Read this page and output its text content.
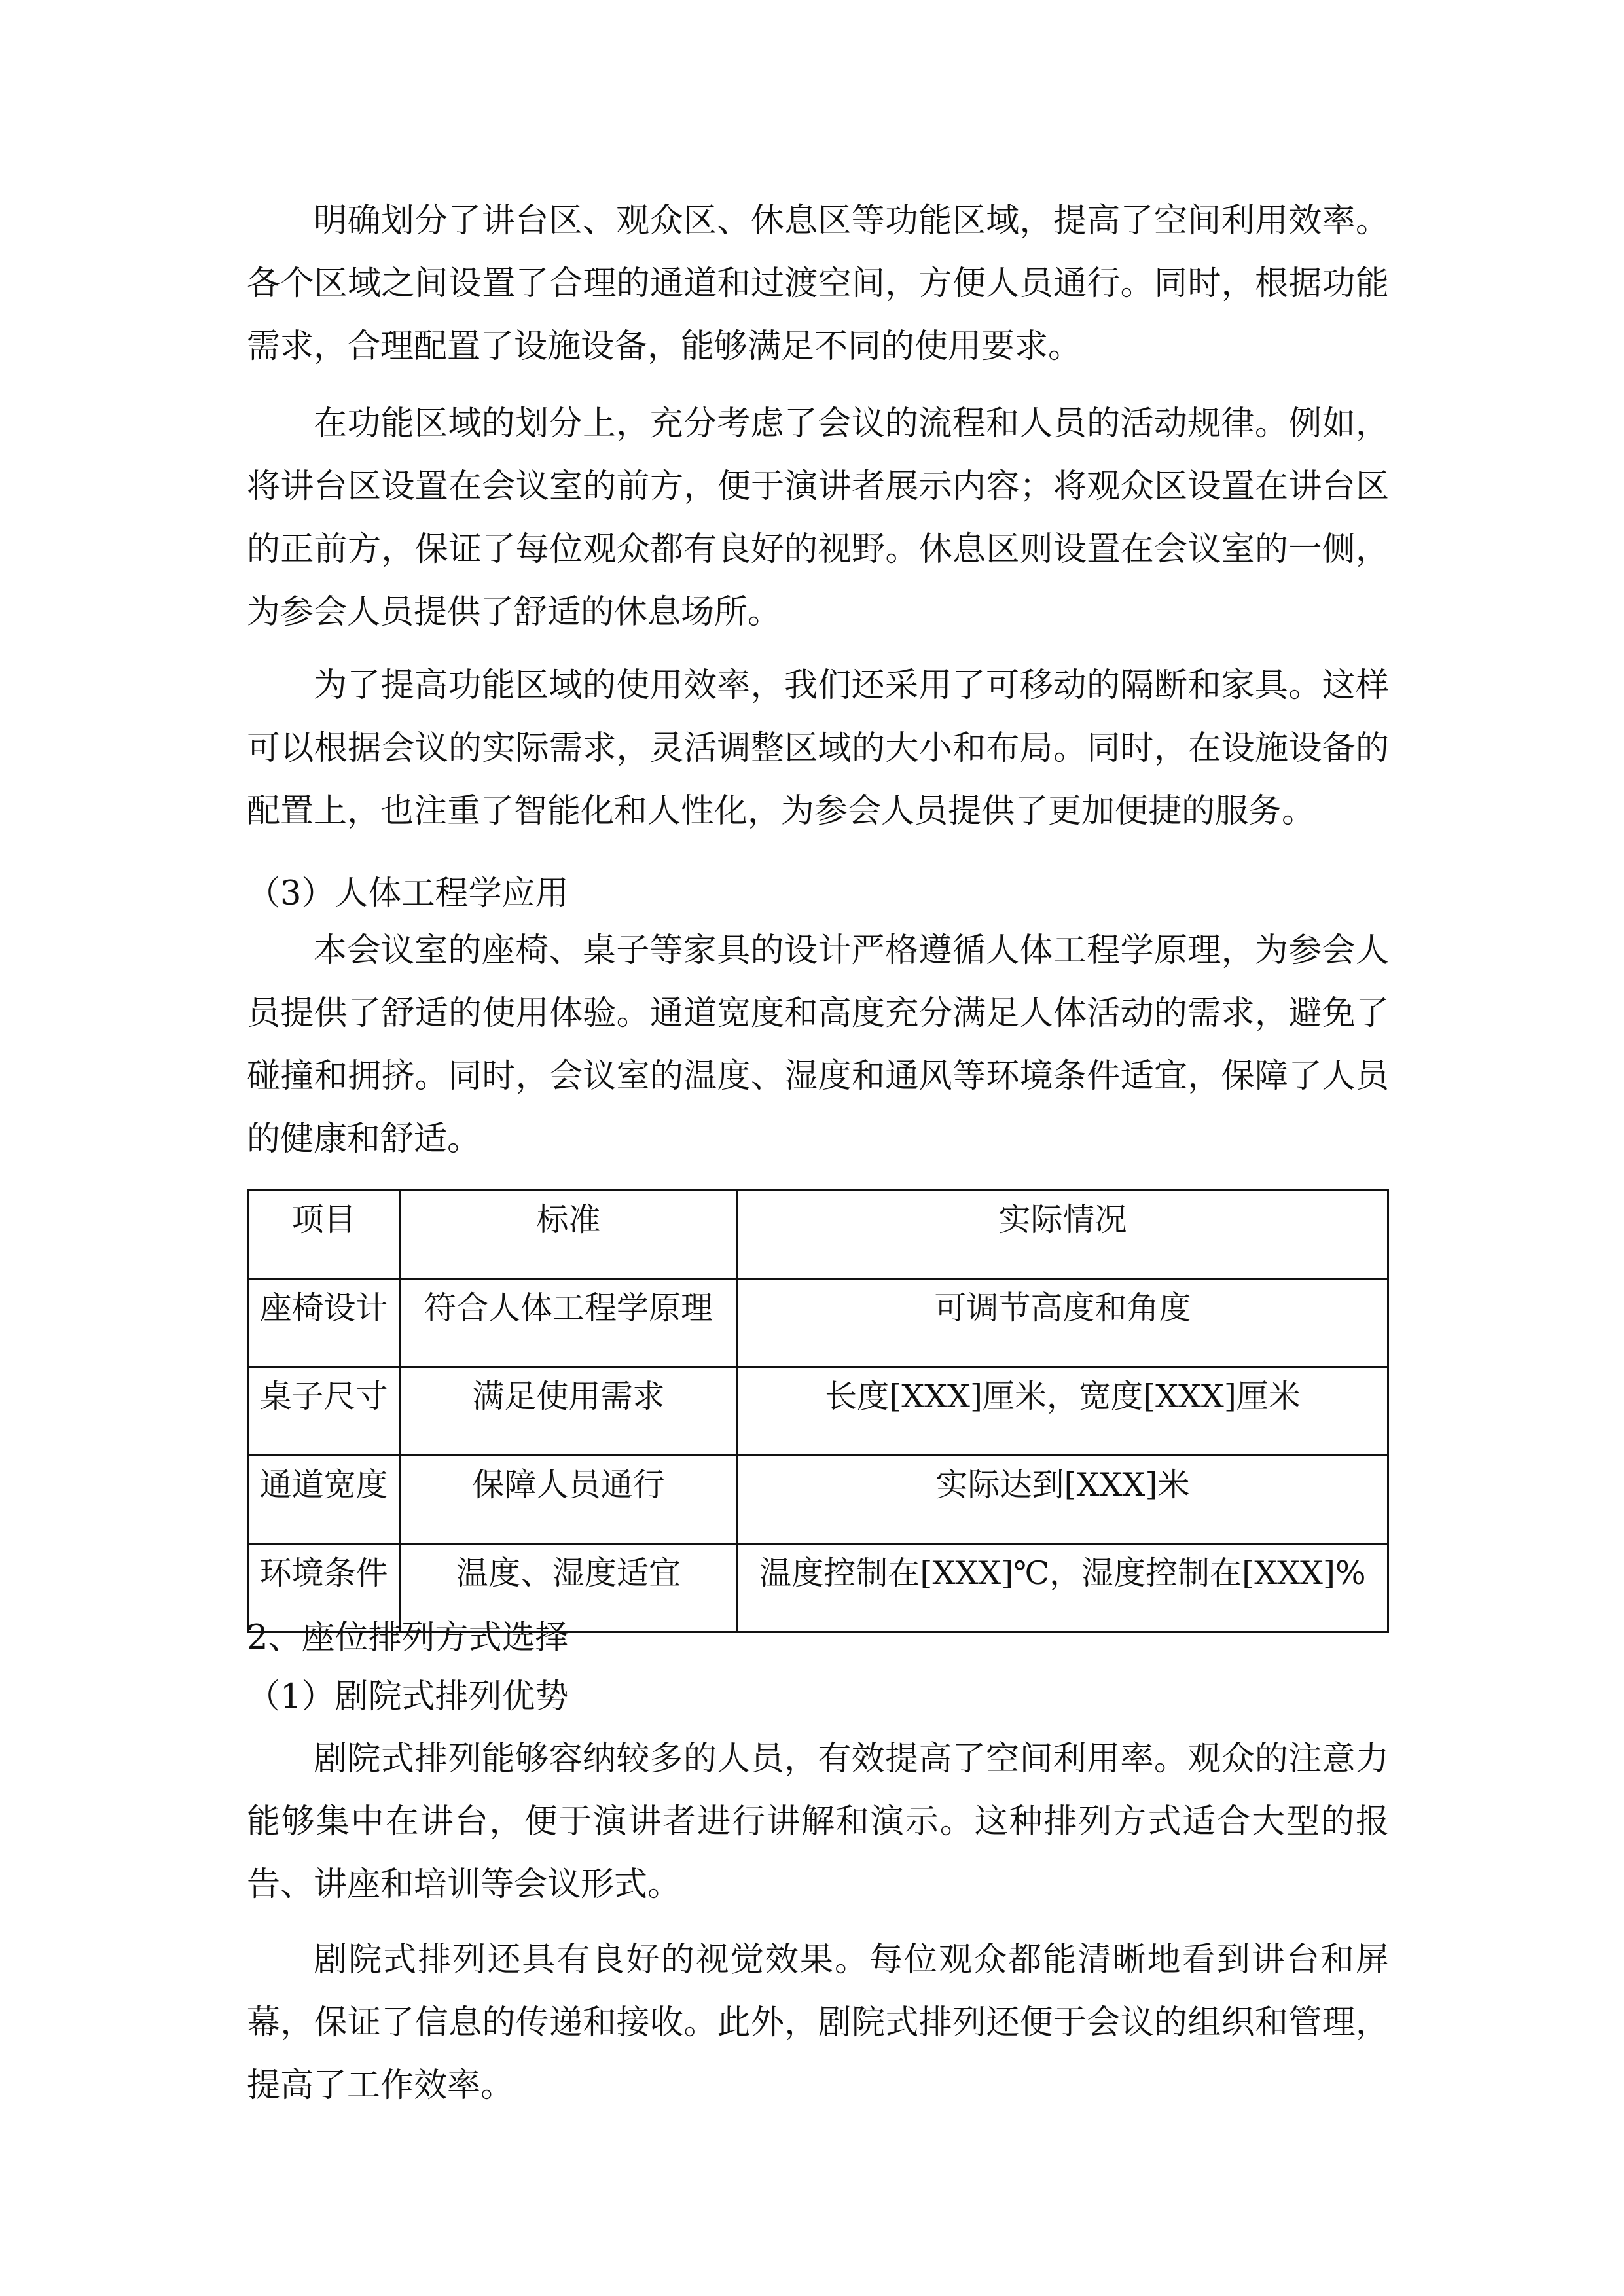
明确划分了讲台区、观众区、休息区等功能区域，提高了空间利用效率。各个区域之间设置了合理的通道和过渡空间，方便人员通行。同时，根据功能需求，合理配置了设施设备，能够满足不同的使用要求。

在功能区域的划分上，充分考虑了会议的流程和人员的活动规律。例如，将讲台区设置在会议室的前方，便于演讲者展示内容；将观众区设置在讲台区的正前方，保证了每位观众都有良好的视野。休息区则设置在会议室的一侧，为参会人员提供了舒适的休息场所。

为了提高功能区域的使用效率，我们还采用了可移动的隔断和家具。这样可以根据会议的实际需求，灵活调整区域的大小和布局。同时，在设施设备的配置上，也注重了智能化和人性化，为参会人员提供了更加便捷的服务。

（3）人体工程学应用

本会议室的座椅、桌子等家具的设计严格遵循人体工程学原理，为参会人员提供了舒适的使用体验。通道宽度和高度充分满足人体活动的需求，避免了碰撞和拥挤。同时，会议室的温度、湿度和通风等环境条件适宜，保障了人员的健康和舒适。

项目	标准	实际情况
座椅设计	符合人体工程学原理	可调节高度和角度
桌子尺寸	满足使用需求	长度[XXX]厘米，宽度[XXX]厘米
通道宽度	保障人员通行	实际达到[XXX]米
环境条件	温度、湿度适宜	温度控制在[XXX]℃，湿度控制在[XXX]%

2、座位排列方式选择

（1）剧院式排列优势

剧院式排列能够容纳较多的人员，有效提高了空间利用率。观众的注意力能够集中在讲台，便于演讲者进行讲解和演示。这种排列方式适合大型的报告、讲座和培训等会议形式。

剧院式排列还具有良好的视觉效果。每位观众都能清晰地看到讲台和屏幕，保证了信息的传递和接收。此外，剧院式排列还便于会议的组织和管理，提高了工作效率。
